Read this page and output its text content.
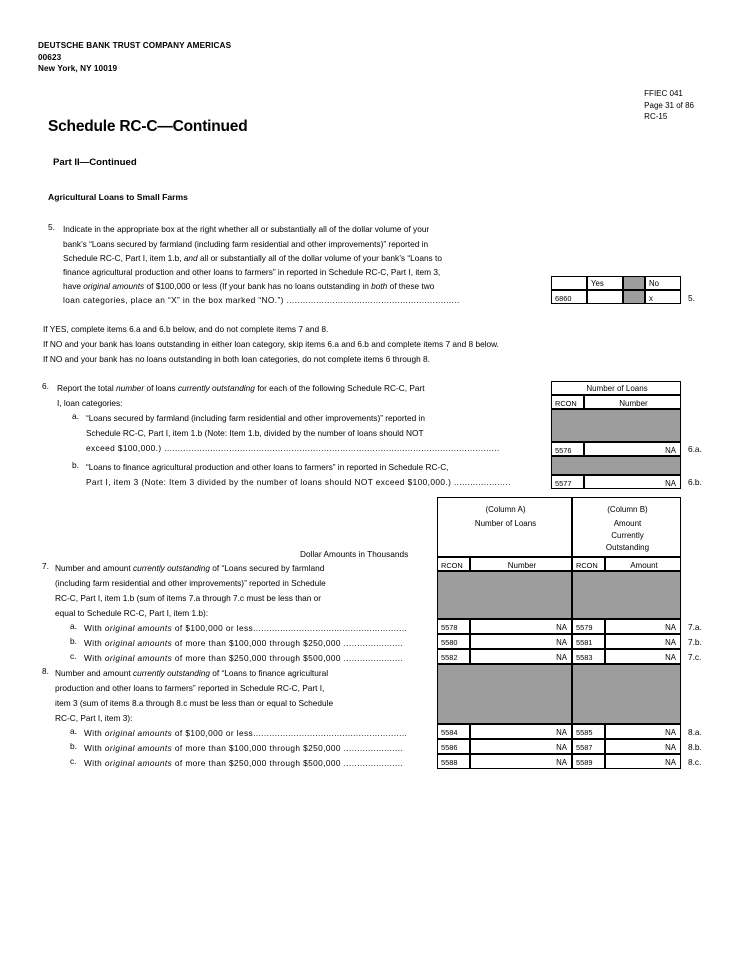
DEUTSCHE BANK TRUST COMPANY AMERICAS
00623
New York, NY 10019
FFIEC 041
Page 31 of 86
RC-15
Schedule RC-C—Continued
Part II—Continued
Agricultural Loans to Small Farms
5. Indicate in the appropriate box at the right whether all or substantially all of the dollar volume of your
bank’s “Loans secured by farmland (including farm residential and other improvements)” reported in
Schedule RC-C, Part I, item 1.b, and all or substantially all of the dollar volume of your bank’s “Loans to
finance agricultural production and other loans to farmers” in reported in Schedule RC-C, Part I, item 3,
have original amounts of $100,000 or less (If your bank has no loans outstanding in both of these two
loan categories, place an “X” in the box marked “NO.”) ................................................................
Yes	No
6860	x	5.
If YES, complete items 6.a and 6.b below, and do not complete items 7 and 8.
If NO and your bank has loans outstanding in either loan category, skip items 6.a and 6.b and complete items 7 and 8 below.
If NO and your bank has no loans outstanding in both loan categories, do not complete items 6 through 8.
6. Report the total number of loans currently outstanding for each of the following Schedule RC-C, Part
I, loan categories:
Number of Loans
RCON	Number
a. “Loans secured by farmland (including farm residential and other improvements)” reported in
Schedule RC-C, Part I, item 1.b (Note: Item 1.b, divided by the number of loans should NOT
exceed $100,000.) ............................................................................................................................	5576	NA 6.a.
b. “Loans to finance agricultural production and other loans to farmers” in reported in Schedule RC-C,
Part I, item 3 (Note: Item 3 divided by the number of loans should NOT exceed $100,000.) .....................	5577	NA 6.b.
(Column A)
Number of Loans
(Column B)
Amount
Currently
Outstanding
Dollar Amounts in Thousands
RCON	Number	RCON	Amount
7. Number and amount currently outstanding of “Loans secured by farmland
(including farm residential and other improvements)” reported in Schedule
RC-C, Part I, item 1.b (sum of items 7.a through 7.c must be less than or
equal to Schedule RC-C, Part I, item 1.b):
a. With original amounts of $100,000 or less.........................................................	5578	NA 5579	NA 7.a.
b. With original amounts of more than $100,000 through $250,000 ......................	5580	NA 5581	NA 7.b.
c. With original amounts of more than $250,000 through $500,000 ......................	5582	NA 5583	NA 7.c.
8. Number and amount currently outstanding of “Loans to finance agricultural
production and other loans to farmers” reported in Schedule RC-C, Part I,
item 3 (sum of items 8.a through 8.c must be less than or equal to Schedule
RC-C, Part I, item 3):
a. With original amounts of $100,000 or less.........................................................	5584	NA 5585	NA 8.a.
b. With original amounts of more than $100,000 through $250,000 ......................	5586	NA 5587	NA 8.b.
c. With original amounts of more than $250,000 through $500,000 ......................	5588	NA 5589	NA 8.c.
